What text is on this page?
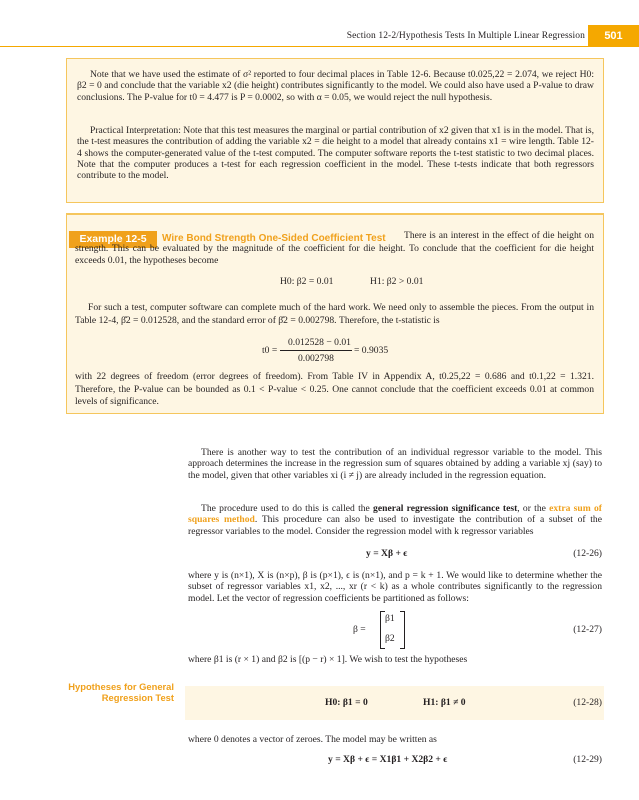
Section 12-2/Hypothesis Tests In Multiple Linear Regression	501

Note that we have used the estimate of σ² reported to four decimal places in Table 12-6. Because t0.025,22 = 2.074, we reject H0: β2 = 0 and conclude that the variable x2 (die height) contributes significantly to the model. We could also have used a P-value to draw conclusions. The P-value for t0 = 4.477 is P = 0.0002, so with α = 0.05, we would reject the null hypothesis.

Practical Interpretation: Note that this test measures the marginal or partial contribution of x2 given that x1 is in the model. That is, the t-test measures the contribution of adding the variable x2 = die height to a model that already contains x1 = wire length. Table 12-4 shows the computer-generated value of the t-test computed. The computer software reports the t-test statistic to two decimal places. Note that the computer produces a t-test for each regression coefficient in the model. These t-tests indicate that both regressors contribute to the model.

Example 12-5	There is an interest in the effect of die height on strength. This can be evaluated by the magnitude of the coefficient for die height. To conclude that the coefficient for die height exceeds 0.01, the hypotheses become

Wire Bond Strength One-Sided Coefficient Test
H0: β2 = 0.01	H1: β2 > 0.01

For such a test, computer software can complete much of the hard work. We need only to assemble the pieces. From the output in Table 12-4, β̂2 = 0.012528, and the standard error of β̂2 = 0.002798. Therefore, the t-statistic is

t0 =
0.012528 − 0.01
0.002798
= 0.9035

with 22 degrees of freedom (error degrees of freedom). From Table IV in Appendix A, t0.25,22 = 0.686 and t0.1,22 = 1.321. Therefore, the P-value can be bounded as 0.1 < P-value < 0.25. One cannot conclude that the coefficient exceeds 0.01 at common levels of significance.

There is another way to test the contribution of an individual regressor variable to the model. This approach determines the increase in the regression sum of squares obtained by adding a variable xj (say) to the model, given that other variables xi (i ≠ j) are already included in the regression equation.

The procedure used to do this is called the general regression significance test, or the extra sum of squares method. This procedure can also be used to investigate the contribution of a subset of the regressor variables to the model. Consider the regression model with k regressor variables

y = Xβ + ϵ	(12-26)

where y is (n×1), X is (n×p), β is (p×1), ϵ is (n×1), and p = k + 1. We would like to determine whether the subset of regressor variables x1, x2, ..., xr (r < k) as a whole contributes significantly to the regression model. Let the vector of regression coefficients be partitioned as follows:

β =
β1
β2
(12-27)

where β1 is (r × 1) and β2 is [(p − r) × 1]. We wish to test the hypotheses

Hypotheses for General Regression Test	H0: β1 = 0	H1: β1 ≠ 0	(12-28)

where 0 denotes a vector of zeroes. The model may be written as

y = Xβ + ϵ = X1β1 + X2β2 + ϵ	(12-29)
